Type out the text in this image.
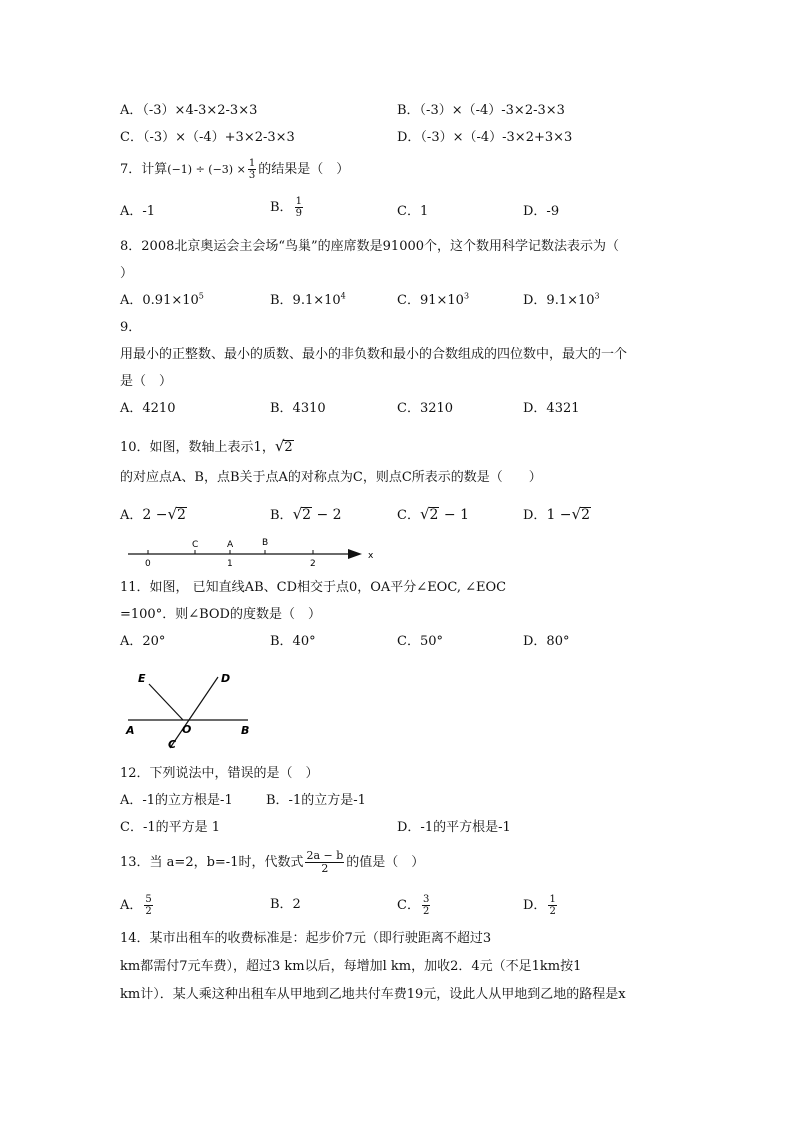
A．（-3）×4-3×2-3×3	B．（-3）×（-4）-3×2-3×3
C．（-3）×（-4）+3×2-3×3	D．（-3）×（-4）-3×2+3×3
7．计算$(-1) \div (-3) \times \frac{1}{3}$ 的结果是（　）
A．-1	B． $\frac{1}{9}$	C．1	D．-9
8．2008北京奥运会主会场“鸟巢”的座席数是91000个，这个数用科学记数法表示为（
）
A．$0.91\times 10^5$	B．$9.1\times 10^4$	C．$91\times 10^3$	D．$9.1\times 10^3$
9．
用最小的正整数、最小的质数、最小的非负数和最小的合数组成的四位数中，最大的一个
是（　）
A．4210	B．4310	C．3210	D．4321
10．如图，数轴上表示1，√2
的对应点A、B，点B关于点A的对称点为C，则点C所表示的数是（　　）
A．2 −√2	B．√2 − 2	C．√2 − 1	D．1 −√2
C	A	B
0	1	2
x
11．如图， 已知直线AB、CD相交于点0，OA平分∠EOC, ∠EOC
=100°．则∠BOD的度数是（　）
A．20°	B．40°	C．50°	D．80°
E	D
A	O	B
C
12．下列说法中，错误的是（　）
A．-1的立方根是-1	B．-1的立方是-1
C．-1的平方是 1	D．-1的平方根是-1
13．当 a=2，b=-1时，代数式 $\frac{2a - b}{2}$ 的值是（　）
A． $\frac{5}{2}$	B．2	C． $\frac{3}{2}$	D． $\frac{1}{2}$
14．某市出租车的收费标准是：起步价7元（即行驶距离不超过3
km都需付7元车费），超过3 km以后，每增加l km，加收2．4元（不足1km按1
km计）．某人乘这种出租车从甲地到乙地共付车费19元，设此人从甲地到乙地的路程是x
